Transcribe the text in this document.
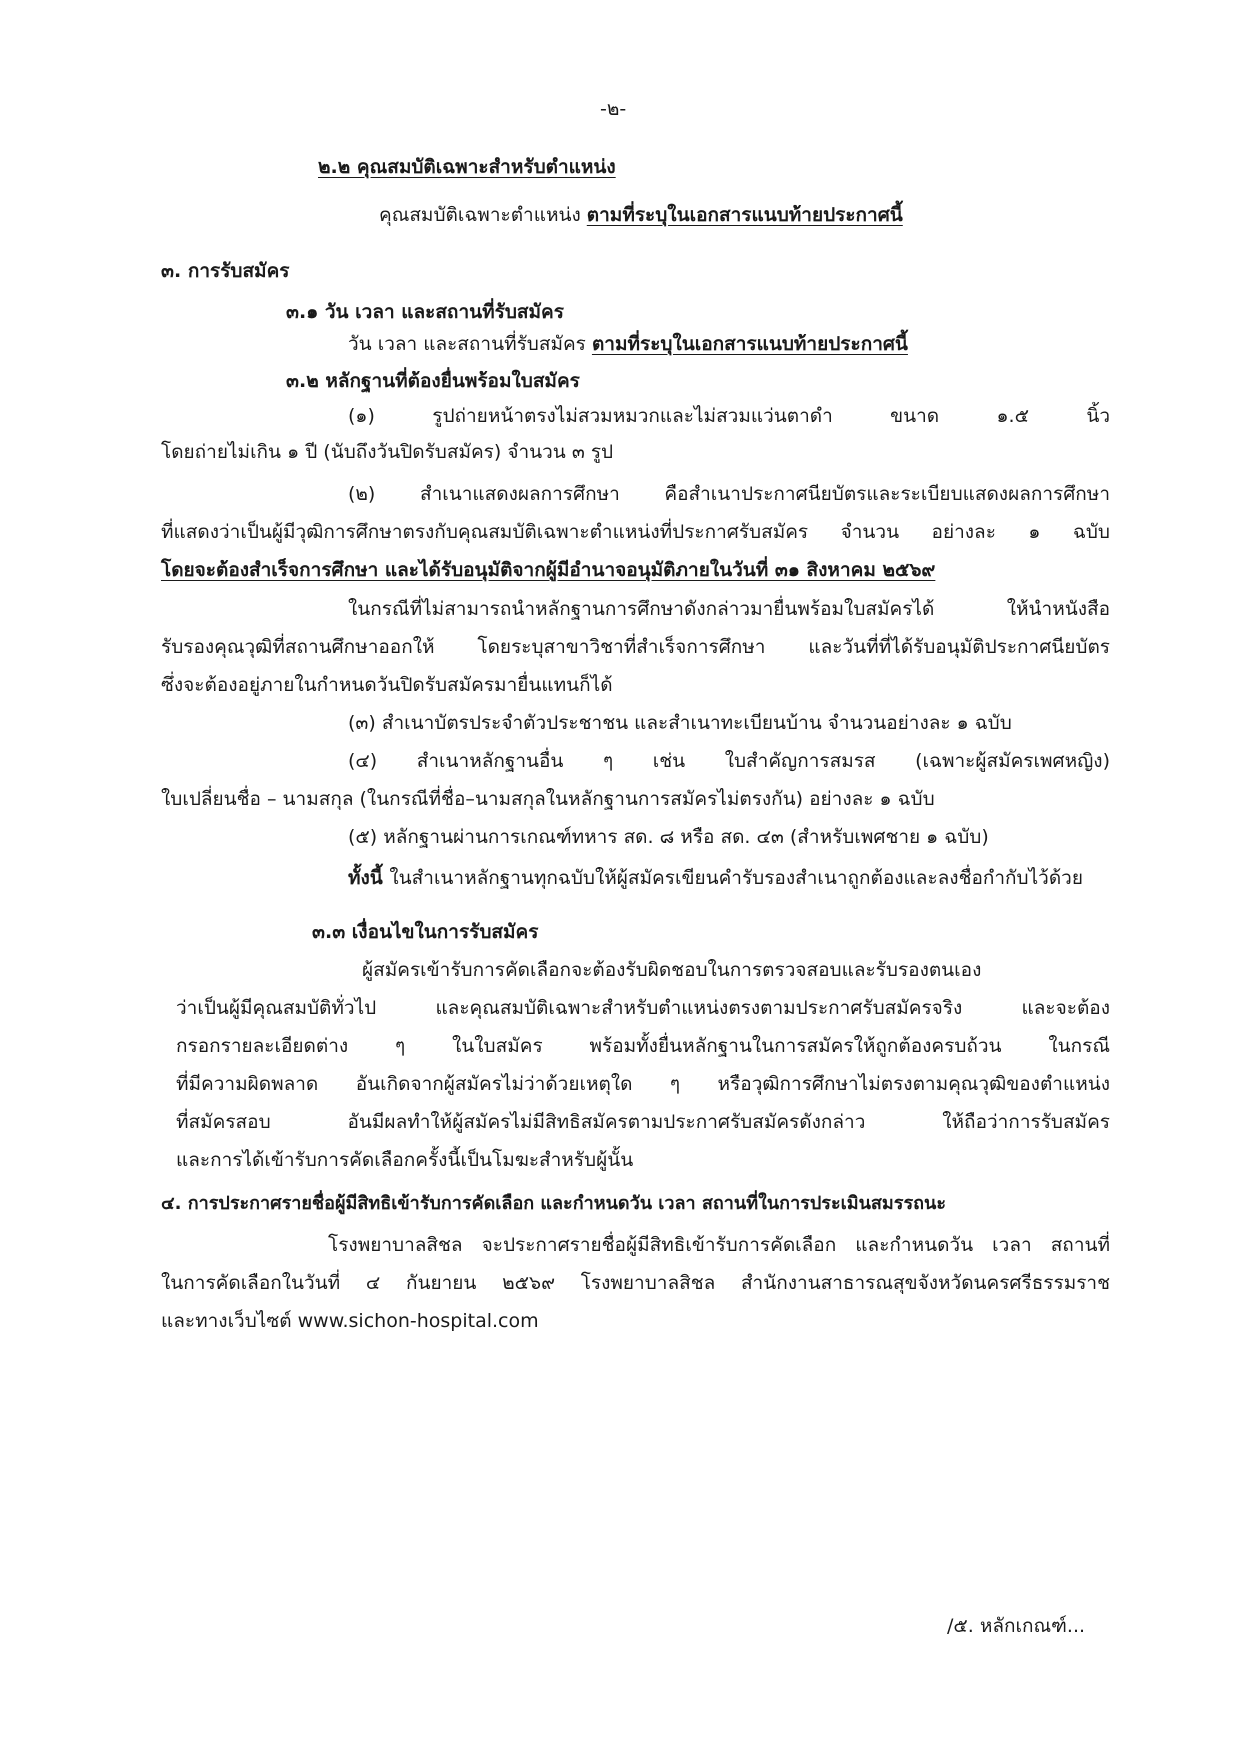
-๒-
๒.๒ คุณสมบัติเฉพาะสำหรับตำแหน่ง
คุณสมบัติเฉพาะตำแหน่ง ตามที่ระบุในเอกสารแนบท้ายประกาศนี้
๓. การรับสมัคร
๓.๑ วัน เวลา และสถานที่รับสมัคร
วัน เวลา และสถานที่รับสมัคร ตามที่ระบุในเอกสารแนบท้ายประกาศนี้
๓.๒ หลักฐานที่ต้องยื่นพร้อมใบสมัคร
(๑) รูปถ่ายหน้าตรงไม่สวมหมวกและไม่สวมแว่นตาดำ ขนาด ๑.๕ นิ้ว
โดยถ่ายไม่เกิน ๑ ปี (นับถึงวันปิดรับสมัคร) จำนวน ๓ รูป
(๒) สำเนาแสดงผลการศึกษา คือสำเนาประกาศนียบัตรและระเบียบแสดงผลการศึกษา
ที่แสดงว่าเป็นผู้มีวุฒิการศึกษาตรงกับคุณสมบัติเฉพาะตำแหน่งที่ประกาศรับสมัคร จำนวน อย่างละ ๑ ฉบับ
โดยจะต้องสำเร็จการศึกษา และได้รับอนุมัติจากผู้มีอำนาจอนุมัติภายในวันที่ ๓๑ สิงหาคม ๒๕๖๙
ในกรณีที่ไม่สามารถนำหลักฐานการศึกษาดังกล่าวมายื่นพร้อมใบสมัครได้ ให้นำหนังสือ
รับรองคุณวุฒิที่สถานศึกษาออกให้ โดยระบุสาขาวิชาที่สำเร็จการศึกษา และวันที่ที่ได้รับอนุมัติประกาศนียบัตร
ซึ่งจะต้องอยู่ภายในกำหนดวันปิดรับสมัครมายื่นแทนก็ได้
(๓) สำเนาบัตรประจำตัวประชาชน และสำเนาทะเบียนบ้าน จำนวนอย่างละ ๑ ฉบับ
(๔) สำเนาหลักฐานอื่น ๆ เช่น ใบสำคัญการสมรส (เฉพาะผู้สมัครเพศหญิง)
ใบเปลี่ยนชื่อ – นามสกุล (ในกรณีที่ชื่อ–นามสกุลในหลักฐานการสมัครไม่ตรงกัน) อย่างละ ๑ ฉบับ
(๕) หลักฐานผ่านการเกณฑ์ทหาร สด. ๘ หรือ สด. ๔๓ (สำหรับเพศชาย ๑ ฉบับ)
ทั้งนี้ ในสำเนาหลักฐานทุกฉบับให้ผู้สมัครเขียนคำรับรองสำเนาถูกต้องและลงชื่อกำกับไว้ด้วย
๓.๓ เงื่อนไขในการรับสมัคร
ผู้สมัครเข้ารับการคัดเลือกจะต้องรับผิดชอบในการตรวจสอบและรับรองตนเอง
ว่าเป็นผู้มีคุณสมบัติทั่วไป และคุณสมบัติเฉพาะสำหรับตำแหน่งตรงตามประกาศรับสมัครจริง และจะต้อง
กรอกรายละเอียดต่าง ๆ ในใบสมัคร พร้อมทั้งยื่นหลักฐานในการสมัครให้ถูกต้องครบถ้วน ในกรณี
ที่มีความผิดพลาด อันเกิดจากผู้สมัครไม่ว่าด้วยเหตุใด ๆ หรือวุฒิการศึกษาไม่ตรงตามคุณวุฒิของตำแหน่ง
ที่สมัครสอบ อันมีผลทำให้ผู้สมัครไม่มีสิทธิสมัครตามประกาศรับสมัครดังกล่าว ให้ถือว่าการรับสมัคร
และการได้เข้ารับการคัดเลือกครั้งนี้เป็นโมฆะสำหรับผู้นั้น
๔. การประกาศรายชื่อผู้มีสิทธิเข้ารับการคัดเลือก และกำหนดวัน เวลา สถานที่ในการประเมินสมรรถนะ
โรงพยาบาลสิชล จะประกาศรายชื่อผู้มีสิทธิเข้ารับการคัดเลือก และกำหนดวัน เวลา สถานที่
ในการคัดเลือกในวันที่ ๔ กันยายน ๒๕๖๙ โรงพยาบาลสิชล สำนักงานสาธารณสุขจังหวัดนครศรีธรรมราช
และทางเว็บไซต์ www.sichon-hospital.com
/๕. หลักเกณฑ์...
